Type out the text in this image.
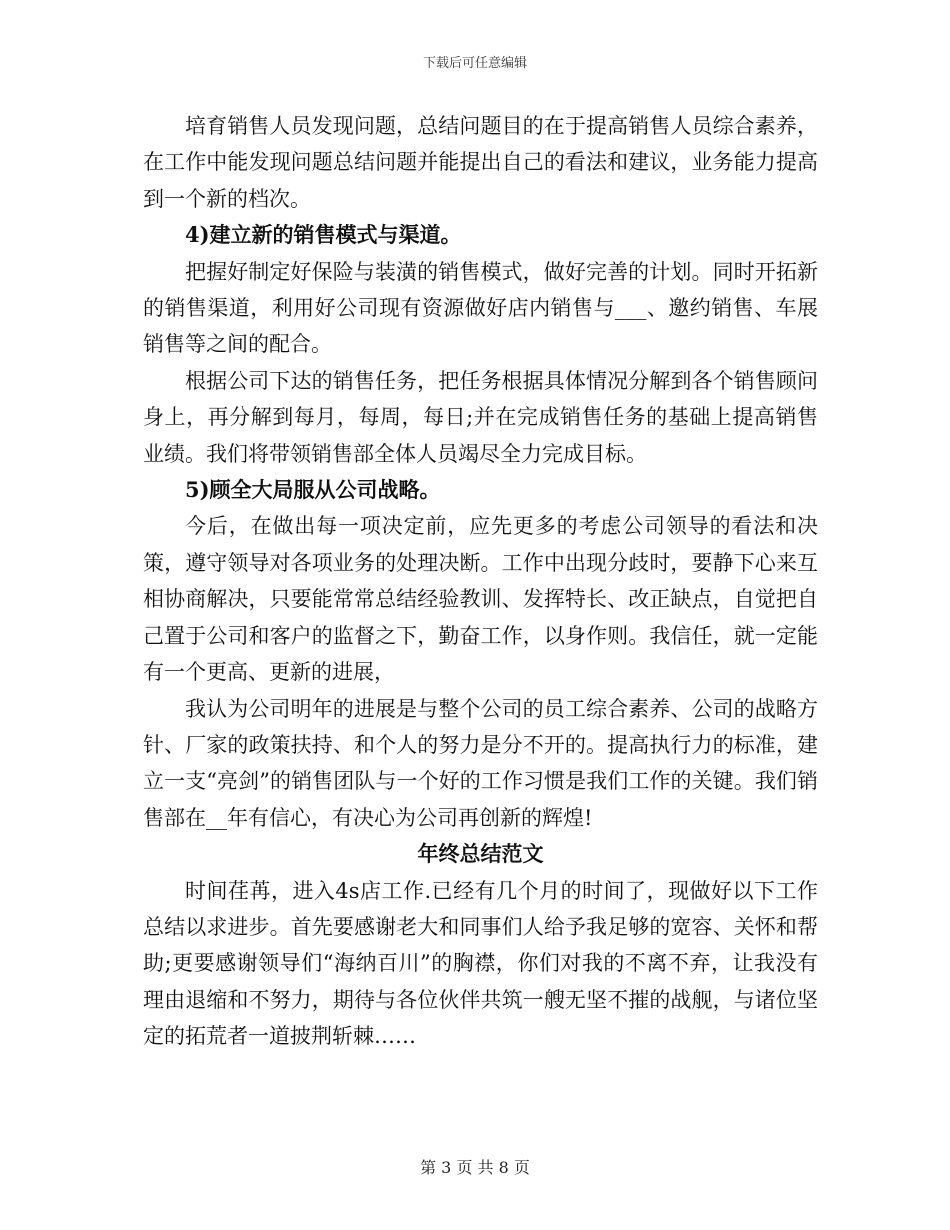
下载后可任意编辑

培育销售人员发现问题，总结问题目的在于提高销售人员综合素养，在工作中能发现问题总结问题并能提出自己的看法和建议，业务能力提高到一个新的档次。

4)建立新的销售模式与渠道。

把握好制定好保险与装潢的销售模式，做好完善的计划。同时开拓新的销售渠道，利用好公司现有资源做好店内销售与___、邀约销售、车展销售等之间的配合。

根据公司下达的销售任务，把任务根据具体情况分解到各个销售顾问身上，再分解到每月，每周，每日;并在完成销售任务的基础上提高销售业绩。我们将带领销售部全体人员竭尽全力完成目标。

5)顾全大局服从公司战略。

今后，在做出每一项决定前，应先更多的考虑公司领导的看法和决策，遵守领导对各项业务的处理决断。工作中出现分歧时，要静下心来互相协商解决，只要能常常总结经验教训、发挥特长、改正缺点，自觉把自己置于公司和客户的监督之下，勤奋工作，以身作则。我信任，就一定能有一个更高、更新的进展，

我认为公司明年的进展是与整个公司的员工综合素养、公司的战略方针、厂家的政策扶持、和个人的努力是分不开的。提高执行力的标准，建立一支“亮剑”的销售团队与一个好的工作习惯是我们工作的关键。我们销售部在__年有信心，有决心为公司再创新的辉煌!

年终总结范文

时间荏苒，进入4s店工作.已经有几个月的时间了，现做好以下工作总结以求进步。首先要感谢老大和同事们人给予我足够的宽容、关怀和帮助;更要感谢领导们“海纳百川”的胸襟，你们对我的不离不弃，让我没有理由退缩和不努力，期待与各位伙伴共筑一艘无坚不摧的战舰，与诸位坚定的拓荒者一道披荆斩棘……

第 3 页 共 8 页
